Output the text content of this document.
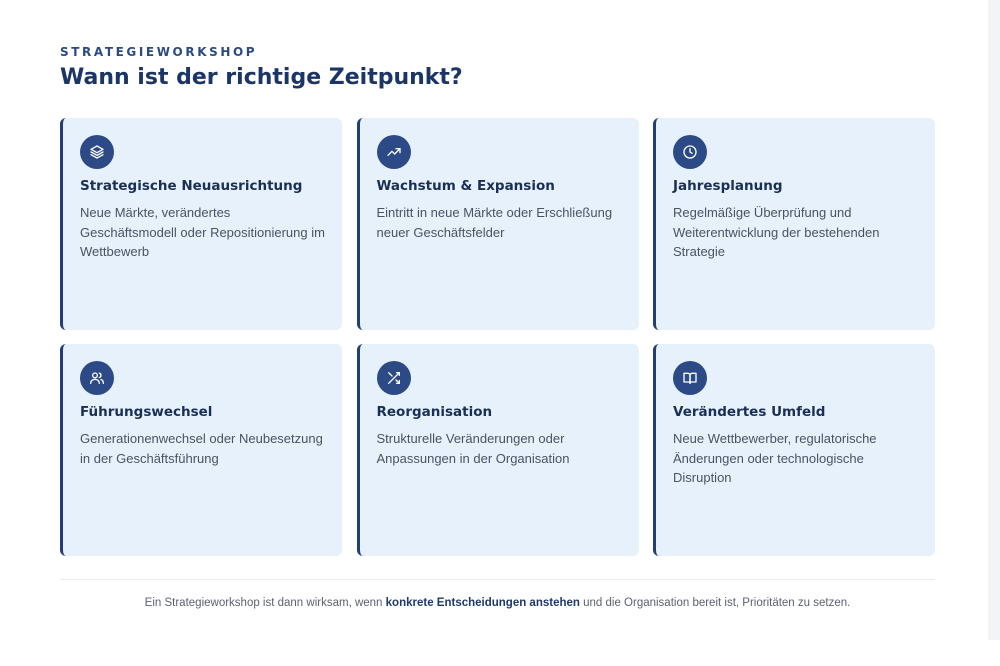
STRATEGIEWORKSHOP
Wann ist der richtige Zeitpunkt?
Strategische Neuausrichtung
Neue Märkte, verändertes Geschäftsmodell oder Repositionierung im Wettbewerb
Wachstum & Expansion
Eintritt in neue Märkte oder Erschließung neuer Geschäftsfelder
Jahresplanung
Regelmäßige Überprüfung und Weiterentwicklung der bestehenden Strategie
Führungswechsel
Generationenwechsel oder Neubesetzung in der Geschäftsführung
Reorganisation
Strukturelle Veränderungen oder Anpassungen in der Organisation
Verändertes Umfeld
Neue Wettbewerber, regulatorische Änderungen oder technologische Disruption
Ein Strategieworkshop ist dann wirksam, wenn konkrete Entscheidungen anstehen und die Organisation bereit ist, Prioritäten zu setzen.
